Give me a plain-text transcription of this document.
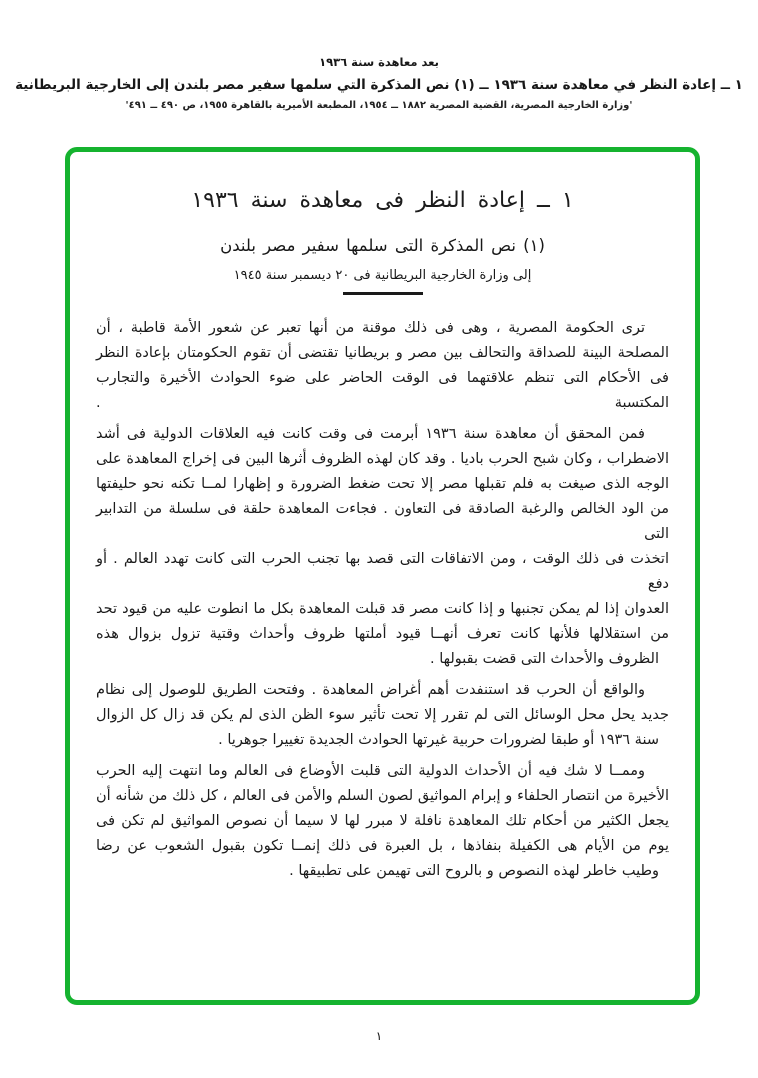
بعد معاهدة سنة ١٩٣٦
١ ــ إعادة النظر في معاهدة سنة ١٩٣٦ ــ (١) نص المذكرة التي سلمها سفير مصر بلندن إلى الخارجية البريطانية
'وزارة الخارجية المصرية، القضية المصرية ١٨٨٢ ــ ١٩٥٤، المطبعة الأميرية بالقاهرة ١٩٥٥، ص ٤٩٠ ــ ٤٩١'
١ ــ إعادة النظر فى معاهدة سنة ١٩٣٦
(١) نص المذكرة التى سلمها سفير مصر بلندن
إلى وزارة الخارجية البريطانية فى ٢٠ ديسمبر سنة ١٩٤٥

ترى الحكومة المصرية ، وهى فى ذلك موقنة من أنها تعبر عن شعور الأمة قاطبة ، أن
المصلحة البينة للصداقة والتحالف بين مصر و بريطانيا تقتضى أن تقوم الحكومتان بإعادة النظر
فى الأحكام التى تنظم علاقتهما فى الوقت الحاضر على ضوء الحوادث الأخيرة والتجارب المكتسبة .

فمن المحقق أن معاهدة سنة ١٩٣٦ أبرمت فى وقت كانت فيه العلاقات الدولية فى أشد
الاضطراب ، وكان شبح الحرب باديا . وقد كان لهذه الظروف أثرها البين فى إخراج المعاهدة على
الوجه الذى صيغت به فلم تقبلها مصر إلا تحت ضغط الضرورة و إظهارا لمــا تكنه نحو حليفتها
من الود الخالص والرغبة الصادقة فى التعاون . فجاءت المعاهدة حلقة فى سلسلة من التدابير التى
اتخذت فى ذلك الوقت ، ومن الاتفاقات التى قصد بها تجنب الحرب التى كانت تهدد العالم . أو دفع
العدوان إذا لم يمكن تجنبها و إذا كانت مصر قد قبلت المعاهدة بكل ما انطوت عليه من قيود تحد
من استقلالها فلأنها كانت تعرف أنهــا قيود أملتها ظروف وأحداث وقتية تزول بزوال هذه
الظروف والأحداث التى قضت بقبولها .

والواقع أن الحرب قد استنفدت أهم أغراض المعاهدة . وفتحت الطريق للوصول إلى نظام
جديد يحل محل الوسائل التى لم تقرر إلا تحت تأثير سوء الظن الذى لم يكن قد زال كل الزوال
سنة ١٩٣٦ أو طبقا لضرورات حربية غيرتها الحوادث الجديدة تغييرا جوهريا .

وممــا لا شك فيه أن الأحداث الدولية التى قلبت الأوضاع فى العالم وما انتهت إليه الحرب
الأخيرة من انتصار الحلفاء و إبرام المواثيق لصون السلم والأمن فى العالم ، كل ذلك من شأنه أن
يجعل الكثير من أحكام تلك المعاهدة نافلة لا مبرر لها لا سيما أن نصوص المواثيق لم تكن فى
يوم من الأيام هى الكفيلة بنفاذها ، بل العبرة فى ذلك إنمــا تكون بقبول الشعوب عن رضا
وطيب خاطر لهذه النصوص و بالروح التى تهيمن على تطبيقها .

١
